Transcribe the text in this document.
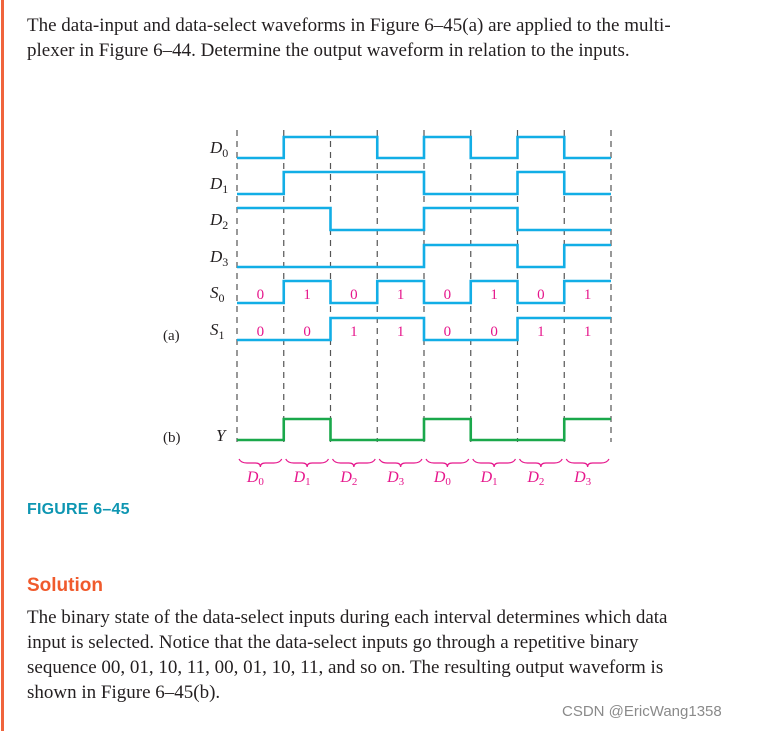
The data-input and data-select waveforms in Figure 6–45(a) are applied to the multi-
plexer in Figure 6–44. Determine the output waveform in relation to the inputs.
$D_0$
$D_1$
$D_2$
$D_3$
$S_0$
$S_1$
Y
0	1	0	1	0	1	0	1
0	0	1	1	0	0	1	1
D0 D1 D2 D3 D0 D1 D2 D3
(a)
(b)
FIGURE 6–45
Solution
The binary state of the data-select inputs during each interval determines which data
input is selected. Notice that the data-select inputs go through a repetitive binary
sequence 00, 01, 10, 11, 00, 01, 10, 11, and so on. The resulting output waveform is
shown in Figure 6–45(b).
CSDN @EricWang1358
